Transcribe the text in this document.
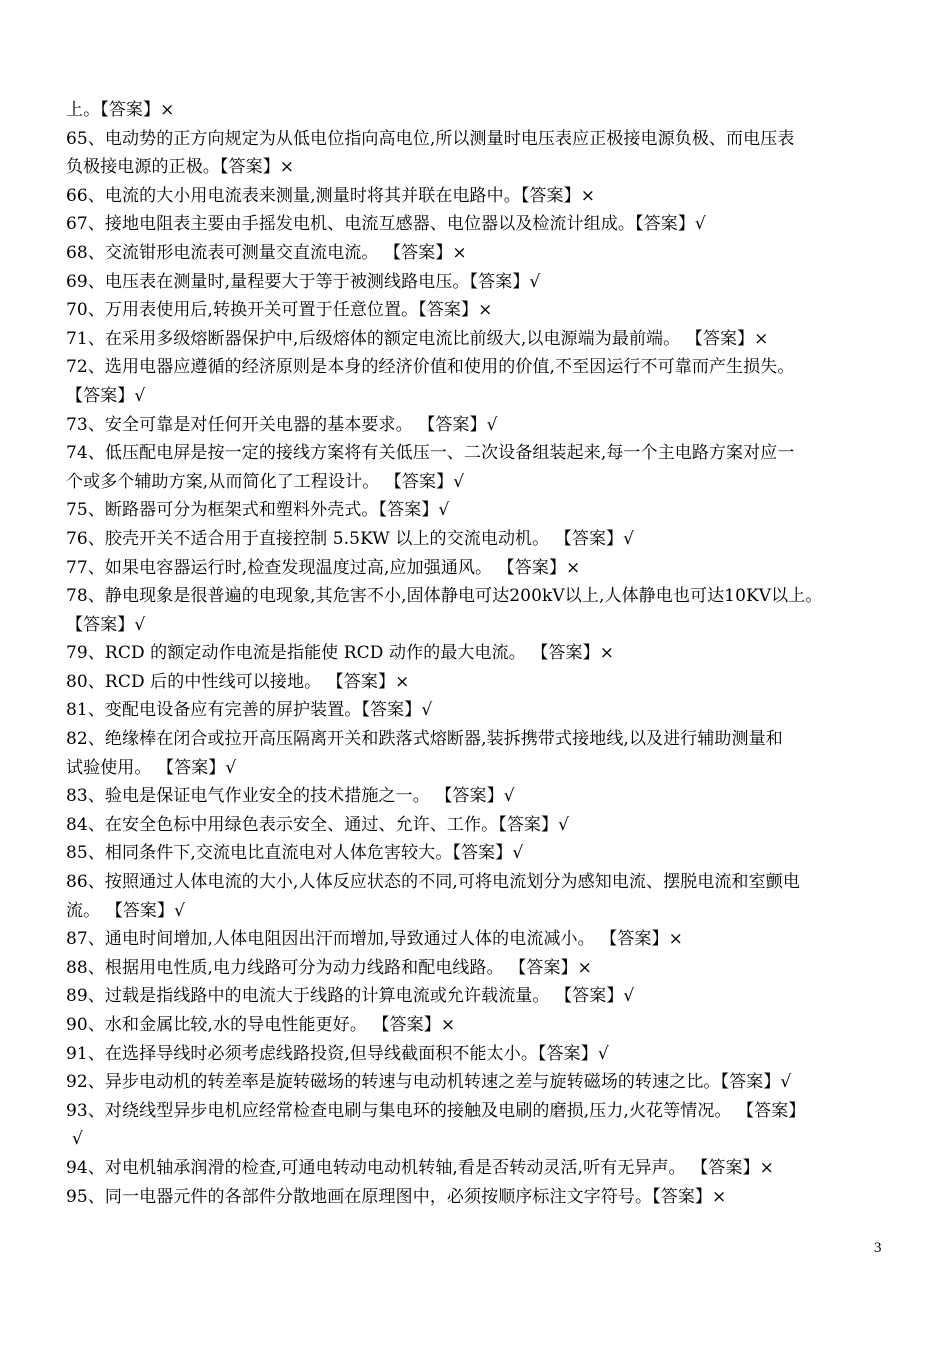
上。【答案】×
65、电动势的正方向规定为从低电位指向高电位,所以测量时电压表应正极接电源负极、而电压表
负极接电源的正极。【答案】×
66、电流的大小用电流表来测量,测量时将其并联在电路中。【答案】×
67、接地电阻表主要由手摇发电机、电流互感器、电位器以及检流计组成。【答案】√
68、交流钳形电流表可测量交直流电流。 【答案】×
69、电压表在测量时,量程要大于等于被测线路电压。【答案】√
70、万用表使用后,转换开关可置于任意位置。【答案】×
71、在采用多级熔断器保护中,后级熔体的额定电流比前级大,以电源端为最前端。 【答案】×
72、选用电器应遵循的经济原则是本身的经济价值和使用的价值,不至因运行不可靠而产生损失。
【答案】√
73、安全可靠是对任何开关电器的基本要求。 【答案】√
74、低压配电屏是按一定的接线方案将有关低压一、二次设备组装起来,每一个主电路方案对应一
个或多个辅助方案,从而简化了工程设计。 【答案】√
75、断路器可分为框架式和塑料外壳式。【答案】√
76、胶壳开关不适合用于直接控制 5.5KW 以上的交流电动机。 【答案】√
77、如果电容器运行时,检查发现温度过高,应加强通风。 【答案】×
78、静电现象是很普遍的电现象,其危害不小,固体静电可达200kV以上,人体静电也可达10KV以上。
【答案】√
79、RCD 的额定动作电流是指能使 RCD 动作的最大电流。 【答案】×
80、RCD 后的中性线可以接地。 【答案】×
81、变配电设备应有完善的屏护装置。【答案】√
82、绝缘棒在闭合或拉开高压隔离开关和跌落式熔断器,装拆携带式接地线,以及进行辅助测量和
试验使用。 【答案】√
83、验电是保证电气作业安全的技术措施之一。 【答案】√
84、在安全色标中用绿色表示安全、通过、允许、工作。【答案】√
85、相同条件下,交流电比直流电对人体危害较大。【答案】√
86、按照通过人体电流的大小,人体反应状态的不同,可将电流划分为感知电流、摆脱电流和室颤电
流。 【答案】√
87、通电时间增加,人体电阻因出汗而增加,导致通过人体的电流减小。 【答案】×
88、根据用电性质,电力线路可分为动力线路和配电线路。 【答案】×
89、过载是指线路中的电流大于线路的计算电流或允许载流量。 【答案】√
90、水和金属比较,水的导电性能更好。 【答案】×
91、在选择导线时必须考虑线路投资,但导线截面积不能太小。【答案】√
92、异步电动机的转差率是旋转磁场的转速与电动机转速之差与旋转磁场的转速之比。【答案】√
93、对绕线型异步电机应经常检查电刷与集电环的接触及电刷的磨损,压力,火花等情况。 【答案】
√
94、对电机轴承润滑的检查,可通电转动电动机转轴,看是否转动灵活,听有无异声。 【答案】×
95、同一电器元件的各部件分散地画在原理图中，必须按顺序标注文字符号。【答案】×
3
